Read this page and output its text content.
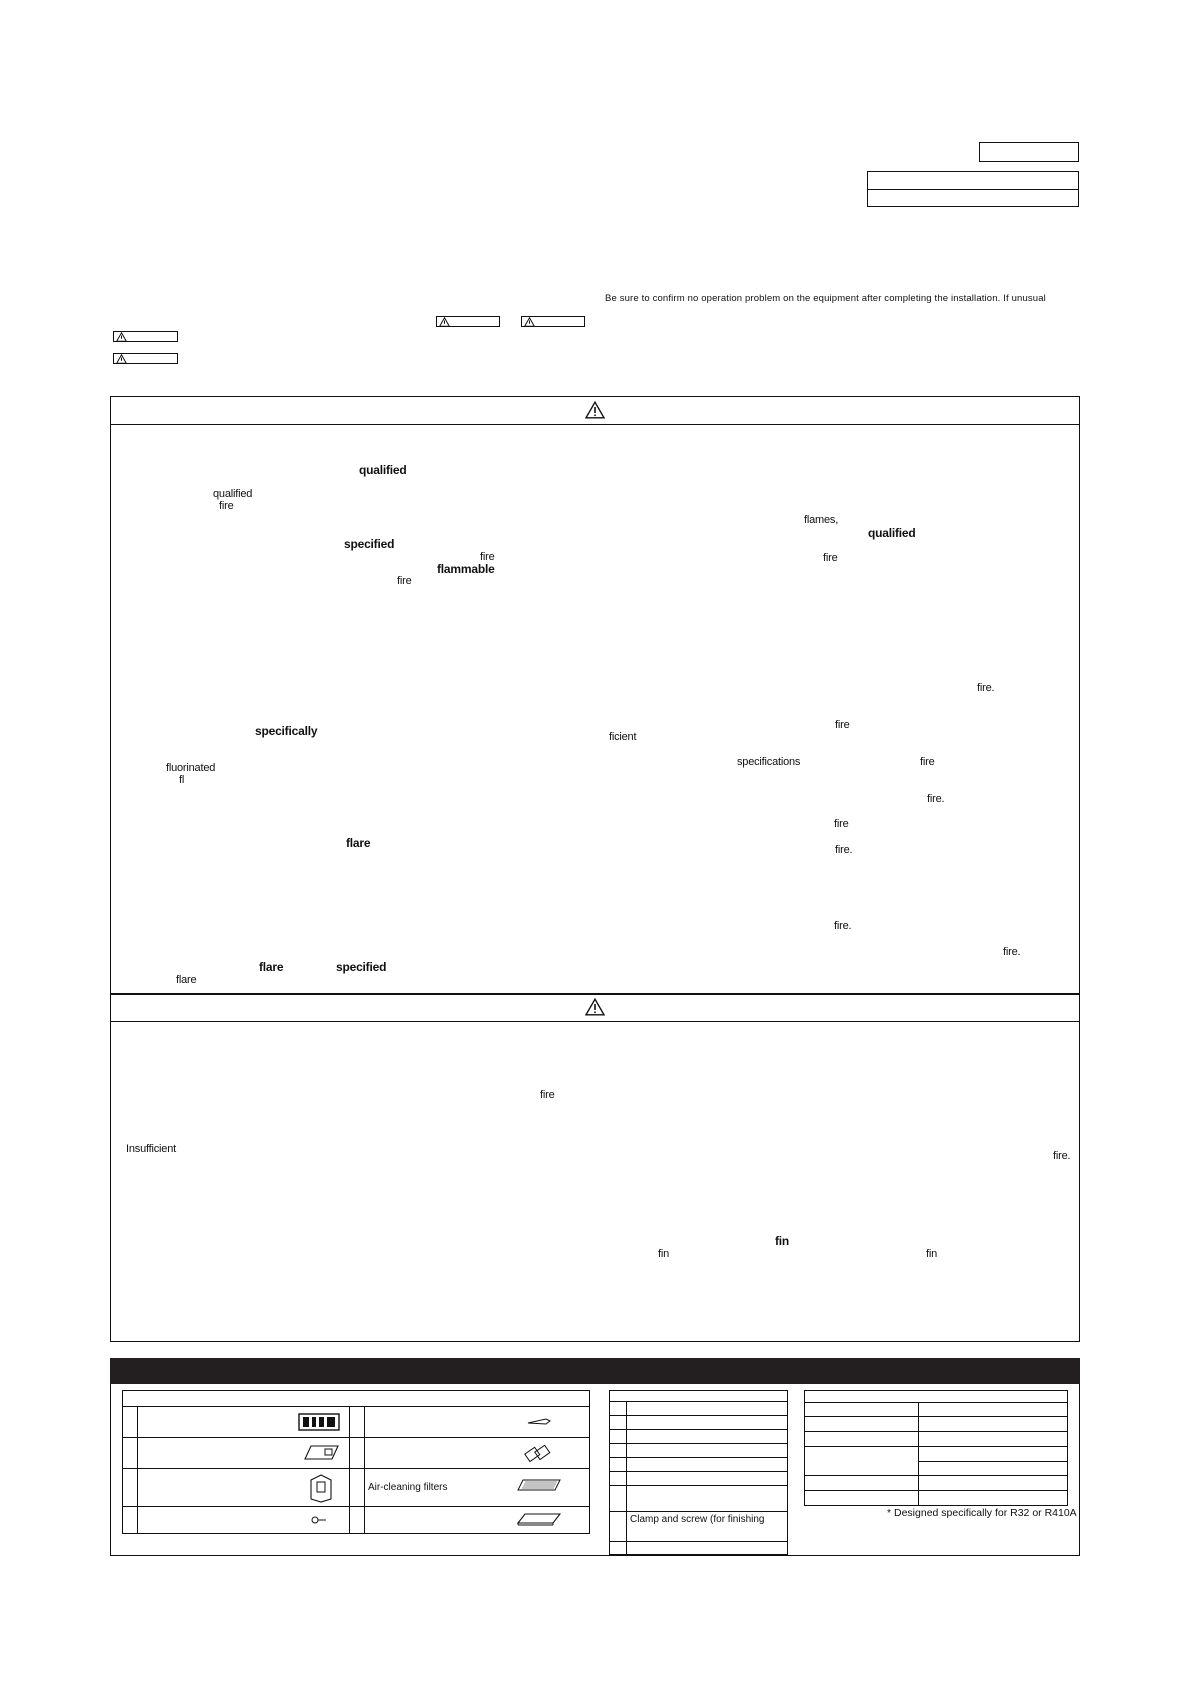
Be sure to confirm no operation problem on the equipment after completing the installation. If unusual
qualified
qualified
fire
flames,
qualified
specified
fire	fire
flammable
fire
fire.
specifically	fire
ficient
fluorinated
fl
specifications	fire
fire.
fire
flare	fire.
fire.
fire.
flare	specified
flare
fire
Insufficient
fire.
fin
fin	fin

		Air-cleaning filters

	Clamp and screw (for finishing

* Designed specifically for R32 or R410A
